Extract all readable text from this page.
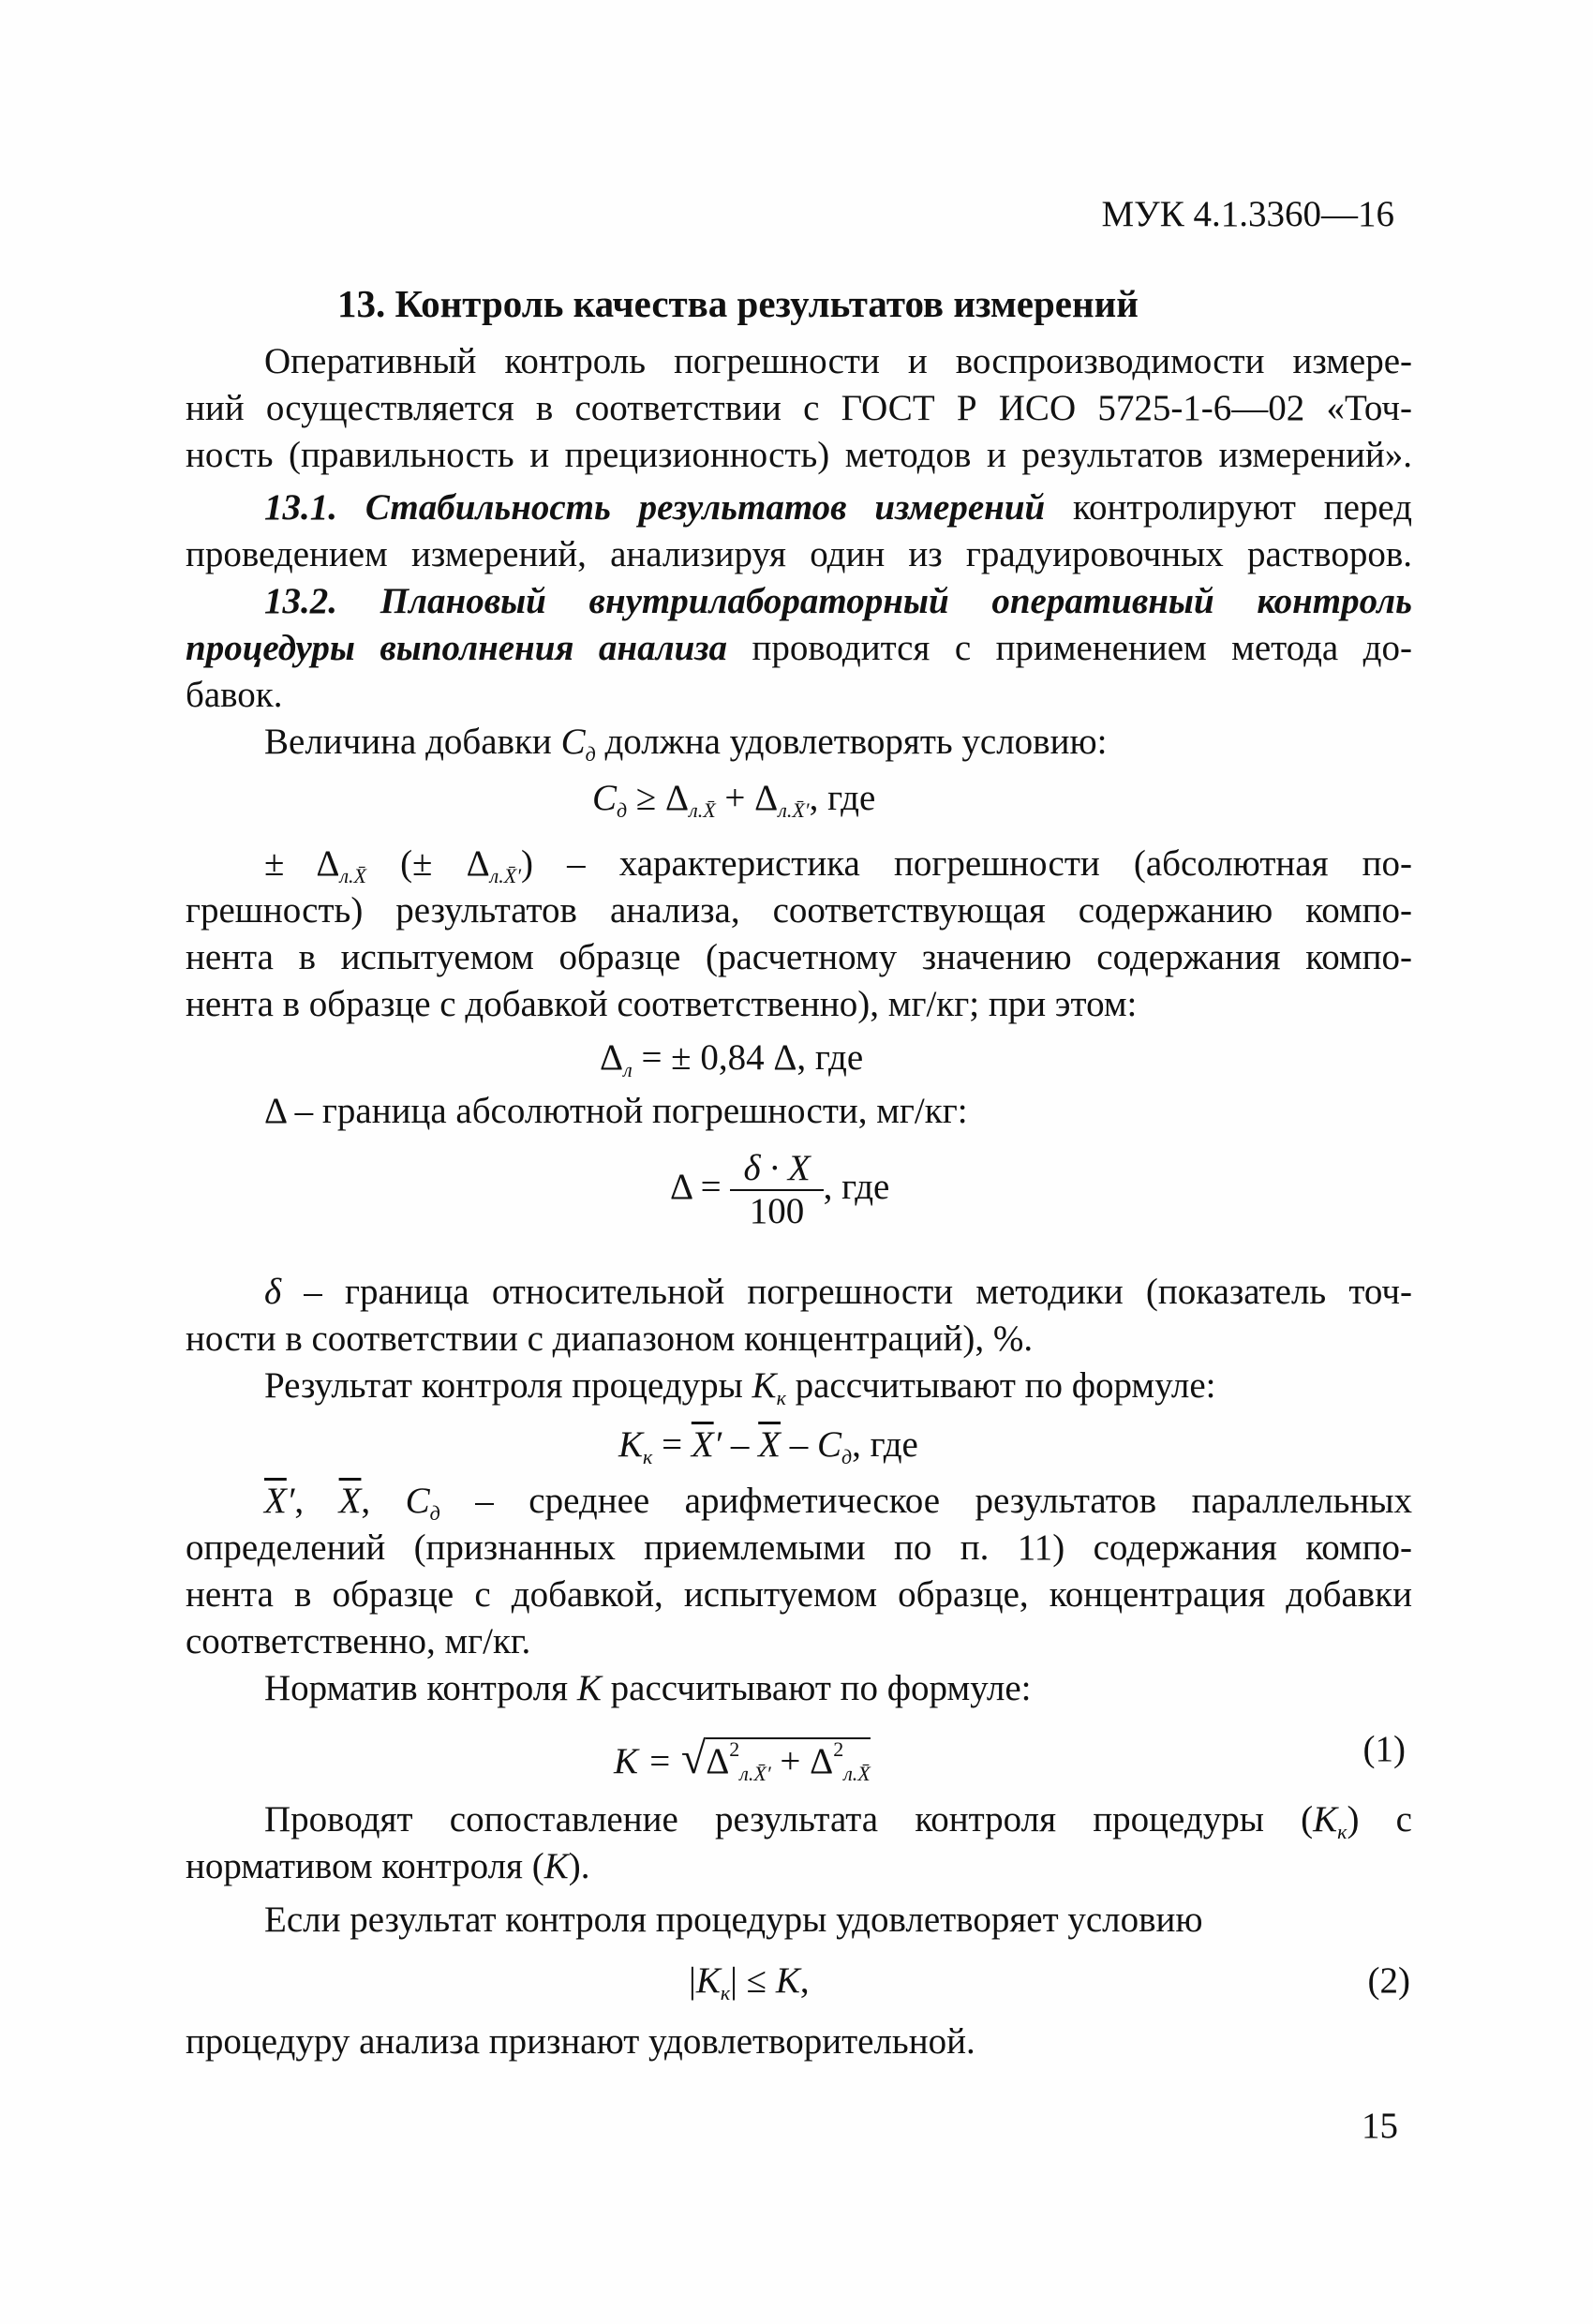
МУК 4.1.3360—16
13. Контроль качества результатов измерений
Оперативный контроль погрешности и воспроизводимости измере-
ний осуществляется в соответствии с ГОСТ Р ИСО 5725-1-6—02 «Точ-
ность (правильность и прецизионность) методов и результатов измерений».
13.1. Стабильность результатов измерений контролируют перед
проведением измерений, анализируя один из градуировочных растворов.
13.2. Плановый внутрилабораторный оперативный контроль
процедуры выполнения анализа проводится с применением метода до-
бавок.
Величина добавки $C_д$ должна удовлетворять условию:
$C_д \ge \Delta_{л.X̄} + \Delta_{л.X̄'}$, где
± $\Delta_{л.X̄}$ (± $\Delta_{л.X̄'}$) – характеристика погрешности (абсолютная по-
грешность) результатов анализа, соответствующая содержанию компо-
нента в испытуемом образце (расчетному значению содержания компо-
нента в образце с добавкой соответственно), мг/кг; при этом:
$\Delta_л$ = ± 0,84 Δ, где
Δ – граница абсолютной погрешности, мг/кг:
$\Delta = \frac{\delta \cdot X}{100}$ , где
δ – граница относительной погрешности методики (показатель точ-
ности в соответствии с диапазоном концентраций), %.
Результат контроля процедуры $K_к$ рассчитывают по формуле:
$K_к = \overline{X}' - \overline{X} - C_д$, где
$\overline{X}'$, $\overline{X}$, $C_д$ – среднее арифметическое результатов параллельных
определений (признанных приемлемыми по п. 11) содержания компо-
нента в образце с добавкой, испытуемом образце, концентрация добавки
соответственно, мг/кг.
Норматив контроля K рассчитывают по формуле:
$K = √\Delta^2_{л.X̄'} + \Delta^2_{л.X̄}$
(1)
Проводят сопоставление результата контроля процедуры $(K_к)$ с
нормативом контроля (K).
Если результат контроля процедуры удовлетворяет условию
$|K_к| \le K$,	(2)
процедуру анализа признают удовлетворительной.
15
